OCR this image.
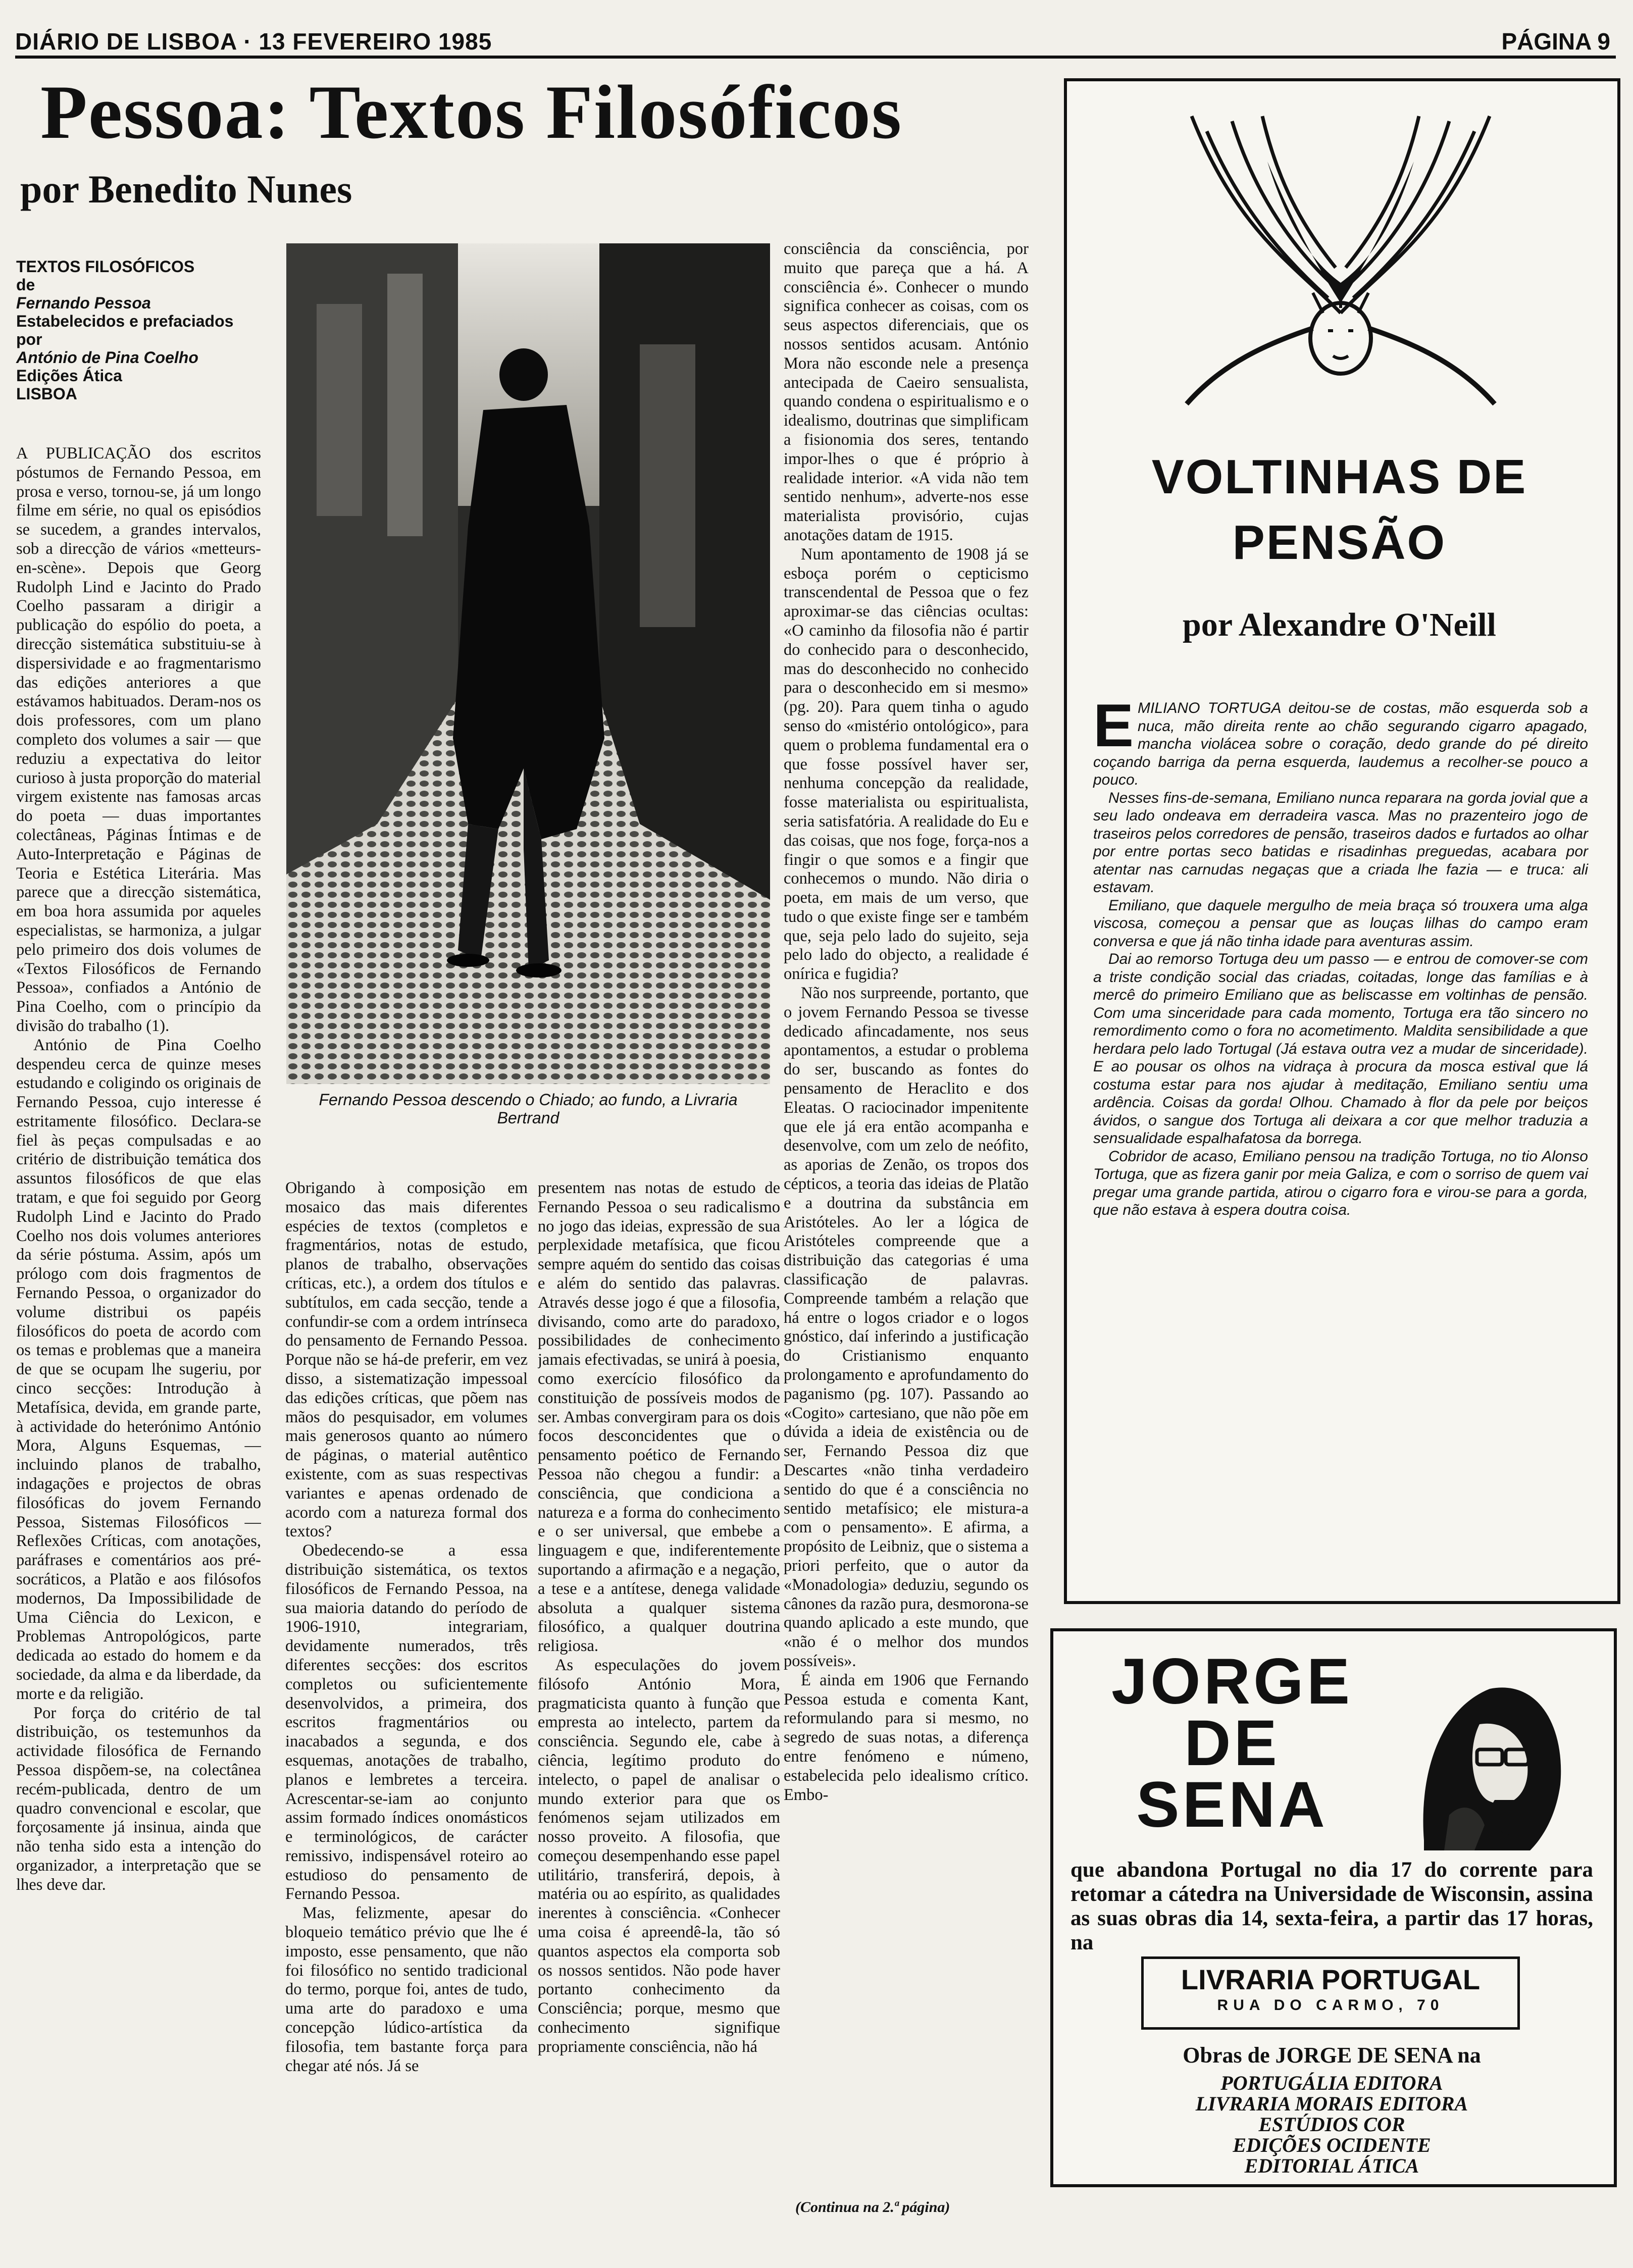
DIÁRIO DE LISBOA · 13 FEVEREIRO 1985	PÁGINA 9
Pessoa: Textos Filosóficos
por Benedito Nunes
TEXTOS FILOSÓFICOS
de
Fernando Pessoa
Estabelecidos e prefaciados
por
António de Pina Coelho
Edições Ática
LISBOA

A PUBLICAÇÃO dos escritos póstumos de Fernando Pessoa, em prosa e verso, tornou-se, já um longo filme em série, no qual os episódios se sucedem, a grandes intervalos, sob a direcção de vários «metteurs-en-scène». Depois que Georg Rudolph Lind e Jacinto do Prado Coelho passaram a dirigir a publicação do espólio do poeta, a direcção sistemática substituiu-se à dispersividade e ao fragmentarismo das edições anteriores a que estávamos habituados. Deram-nos os dois professores, com um plano completo dos volumes a sair — que reduziu a expectativa do leitor curioso à justa proporção do material virgem existente nas famosas arcas do poeta — duas importantes colectâneas, Páginas Íntimas e de Auto-Interpretação e Páginas de Teoria e Estética Literária. Mas parece que a direcção sistemática, em boa hora assumida por aqueles especialistas, se harmoniza, a julgar pelo primeiro dos dois volumes de «Textos Filosóficos de Fernando Pessoa», confiados a António de Pina Coelho, com o princípio da divisão do trabalho (1).

António de Pina Coelho despendeu cerca de quinze meses estudando e coligindo os originais de Fernando Pessoa, cujo interesse é estritamente filosófico. Declara-se fiel às peças compulsadas e ao critério de distribuição temática dos assuntos filosóficos de que elas tratam, e que foi seguido por Georg Rudolph Lind e Jacinto do Prado Coelho nos dois volumes anteriores da série póstuma. Assim, após um prólogo com dois fragmentos de Fernando Pessoa, o organizador do volume distribui os papéis filosóficos do poeta de acordo com os temas e problemas que a maneira de que se ocupam lhe sugeriu, por cinco secções: Introdução à Metafísica, devida, em grande parte, à actividade do heterónimo António Mora, Alguns Esquemas, — incluindo planos de trabalho, indagações e projectos de obras filosóficas do jovem Fernando Pessoa, Sistemas Filosóficos — Reflexões Críticas, com anotações, paráfrases e comentários aos pré-socráticos, a Platão e aos filósofos modernos, Da Impossibilidade de Uma Ciência do Lexicon, e Problemas Antropológicos, parte dedicada ao estado do homem e da sociedade, da alma e da liberdade, da morte e da religião.

Por força do critério de tal distribuição, os testemunhos da actividade filosófica de Fernando Pessoa dispõem-se, na colectânea recém-publicada, dentro de um quadro convencional e escolar, que forçosamente já insinua, ainda que não tenha sido esta a intenção do organizador, a interpretação que se lhes deve dar.

Fernando Pessoa descendo o Chiado; ao fundo, a Livraria Bertrand

Obrigando à composição em mosaico das mais diferentes espécies de textos (completos e fragmentários, notas de estudo, planos de trabalho, observações críticas, etc.), a ordem dos títulos e subtítulos, em cada secção, tende a confundir-se com a ordem intrínseca do pensamento de Fernando Pessoa. Porque não se há-de preferir, em vez disso, a sistematização impessoal das edições críticas, que põem nas mãos do pesquisador, em volumes mais generosos quanto ao número de páginas, o material autêntico existente, com as suas respectivas variantes e apenas ordenado de acordo com a natureza formal dos textos?

Obedecendo-se a essa distribuição sistemática, os textos filosóficos de Fernando Pessoa, na sua maioria datando do período de 1906-1910, integrariam, devidamente numerados, três diferentes secções: dos escritos completos ou suficientemente desenvolvidos, a primeira, dos escritos fragmentários ou inacabados a segunda, e dos esquemas, anotações de trabalho, planos e lembretes a terceira. Acrescentar-se-iam ao conjunto assim formado índices onomásticos e terminológicos, de carácter remissivo, indispensável roteiro ao estudioso do pensamento de Fernando Pessoa.

Mas, felizmente, apesar do bloqueio temático prévio que lhe é imposto, esse pensamento, que não foi filosófico no sentido tradicional do termo, porque foi, antes de tudo, uma arte do paradoxo e uma concepção lúdico-artística da filosofia, tem bastante força para chegar até nós. Já se

presentem nas notas de estudo de Fernando Pessoa o seu radicalismo no jogo das ideias, expressão de sua perplexidade metafísica, que ficou sempre aquém do sentido das coisas e além do sentido das palavras. Através desse jogo é que a filosofia, divisando, como arte do paradoxo, possibilidades de conhecimento jamais efectivadas, se unirá à poesia, como exercício filosófico da constituição de possíveis modos de ser. Ambas convergiram para os dois focos desconcidentes que o pensamento poético de Fernando Pessoa não chegou a fundir: a consciência, que condiciona a natureza e a forma do conhecimento e o ser universal, que embebe a linguagem e que, indiferentemente suportando a afirmação e a negação, a tese e a antítese, denega validade absoluta a qualquer sistema filosófico, a qualquer doutrina religiosa.

As especulações do jovem filósofo António Mora, pragmaticista quanto à função que empresta ao intelecto, partem da consciência. Segundo ele, cabe à ciência, legítimo produto do intelecto, o papel de analisar o mundo exterior para que os fenómenos sejam utilizados em nosso proveito. A filosofia, que começou desempenhando esse papel utilitário, transferirá, depois, à matéria ou ao espírito, as qualidades inerentes à consciência. «Conhecer uma coisa é apreendê-la, tão só quantos aspectos ela comporta sob os nossos sentidos. Não pode haver portanto conhecimento da Consciência; porque, mesmo que conhecimento signifique propriamente consciência, não há

consciência da consciência, por muito que pareça que a há. A consciência é». Conhecer o mundo significa conhecer as coisas, com os seus aspectos diferenciais, que os nossos sentidos acusam. António Mora não esconde nele a presença antecipada de Caeiro sensualista, quando condena o espiritualismo e o idealismo, doutrinas que simplificam a fisionomia dos seres, tentando impor-lhes o que é próprio à realidade interior. «A vida não tem sentido nenhum», adverte-nos esse materialista provisório, cujas anotações datam de 1915.

Num apontamento de 1908 já se esboça porém o cepticismo transcendental de Pessoa que o fez aproximar-se das ciências ocultas: «O caminho da filosofia não é partir do conhecido para o desconhecido, mas do desconhecido no conhecido para o desconhecido em si mesmo» (pg. 20). Para quem tinha o agudo senso do «mistério ontológico», para quem o problema fundamental era o que fosse possível haver ser, nenhuma concepção da realidade, fosse materialista ou espiritualista, seria satisfatória. A realidade do Eu e das coisas, que nos foge, força-nos a fingir o que somos e a fingir que conhecemos o mundo. Não diria o poeta, em mais de um verso, que tudo o que existe finge ser e também que, seja pelo lado do sujeito, seja pelo lado do objecto, a realidade é onírica e fugidia?

Não nos surpreende, portanto, que o jovem Fernando Pessoa se tivesse dedicado afincadamente, nos seus apontamentos, a estudar o problema do ser, buscando as fontes do pensamento de Heraclito e dos Eleatas. O raciocinador impenitente que ele já era então acompanha e desenvolve, com um zelo de neófito, as aporias de Zenão, os tropos dos cépticos, a teoria das ideias de Platão e a doutrina da substância em Aristóteles. Ao ler a lógica de Aristóteles compreende que a distribuição das categorias é uma classificação de palavras. Compreende também a relação que há entre o logos criador e o logos gnóstico, daí inferindo a justificação do Cristianismo enquanto prolongamento e aprofundamento do paganismo (pg. 107). Passando ao «Cogito» cartesiano, que não põe em dúvida a ideia de existência ou de ser, Fernando Pessoa diz que Descartes «não tinha verdadeiro sentido do que é a consciência no sentido metafísico; ele mistura-a com o pensamento». E afirma, a propósito de Leibniz, que o sistema a priori perfeito, que o autor da «Monadologia» deduziu, segundo os cânones da razão pura, desmorona-se quando aplicado a este mundo, que «não é o melhor dos mundos possíveis».

É ainda em 1906 que Fernando Pessoa estuda e comenta Kant, reformulando para si mesmo, no segredo de suas notas, a diferença entre fenómeno e númeno, estabelecida pelo idealismo crítico. Embo-

(Continua na 2.ª página)
VOLTINHAS DE PENSÃO
por Alexandre O'Neill

EMILIANO TORTUGA deitou-se de costas, mão esquerda sob a nuca, mão direita rente ao chão segurando cigarro apagado, mancha violácea sobre o coração, dedo grande do pé direito coçando barriga da perna esquerda, laudemus a recolher-se pouco a pouco.

Nesses fins-de-semana, Emiliano nunca reparara na gorda jovial que a seu lado ondeava em derradeira vasca. Mas no prazenteiro jogo de traseiros pelos corredores de pensão, traseiros dados e furtados ao olhar por entre portas seco batidas e risadinhas preguedas, acabara por atentar nas carnudas negaças que a criada lhe fazia — e truca: ali estavam.

Emiliano, que daquele mergulho de meia braça só trouxera uma alga viscosa, começou a pensar que as louças lilhas do campo eram conversa e que já não tinha idade para aventuras assim.

Dai ao remorso Tortuga deu um passo — e entrou de comover-se com a triste condição social das criadas, coitadas, longe das famílias e à mercê do primeiro Emiliano que as beliscasse em voltinhas de pensão. Com uma sinceridade para cada momento, Tortuga era tão sincero no remordimento como o fora no acometimento. Maldita sensibilidade a que herdara pelo lado Tortugal (Já estava outra vez a mudar de sinceridade). E ao pousar os olhos na vidraça à procura da mosca estival que lá costuma estar para nos ajudar à meditação, Emiliano sentiu uma ardência. Coisas da gorda! Olhou. Chamado à flor da pele por beiços ávidos, o sangue dos Tortuga ali deixara a cor que melhor traduzia a sensualidade espalhafatosa da borrega.

Cobridor de acaso, Emiliano pensou na tradição Tortuga, no tio Alonso Tortuga, que as fizera ganir por meia Galiza, e com o sorriso de quem vai pregar uma grande partida, atirou o cigarro fora e virou-se para a gorda, que não estava à espera doutra coisa.

JORGE
DE
SENA
que abandona Portugal no dia 17 do corrente para retomar a cátedra na Universidade de Wisconsin, assina as suas obras dia 14, sexta-feira, a partir das 17 horas, na
LIVRARIA PORTUGAL
RUA DO CARMO, 70
Obras de JORGE DE SENA na
PORTUGÁLIA EDITORA
LIVRARIA MORAIS EDITORA
ESTÚDIOS COR
EDIÇÕES OCIDENTE
EDITORIAL ÁTICA
